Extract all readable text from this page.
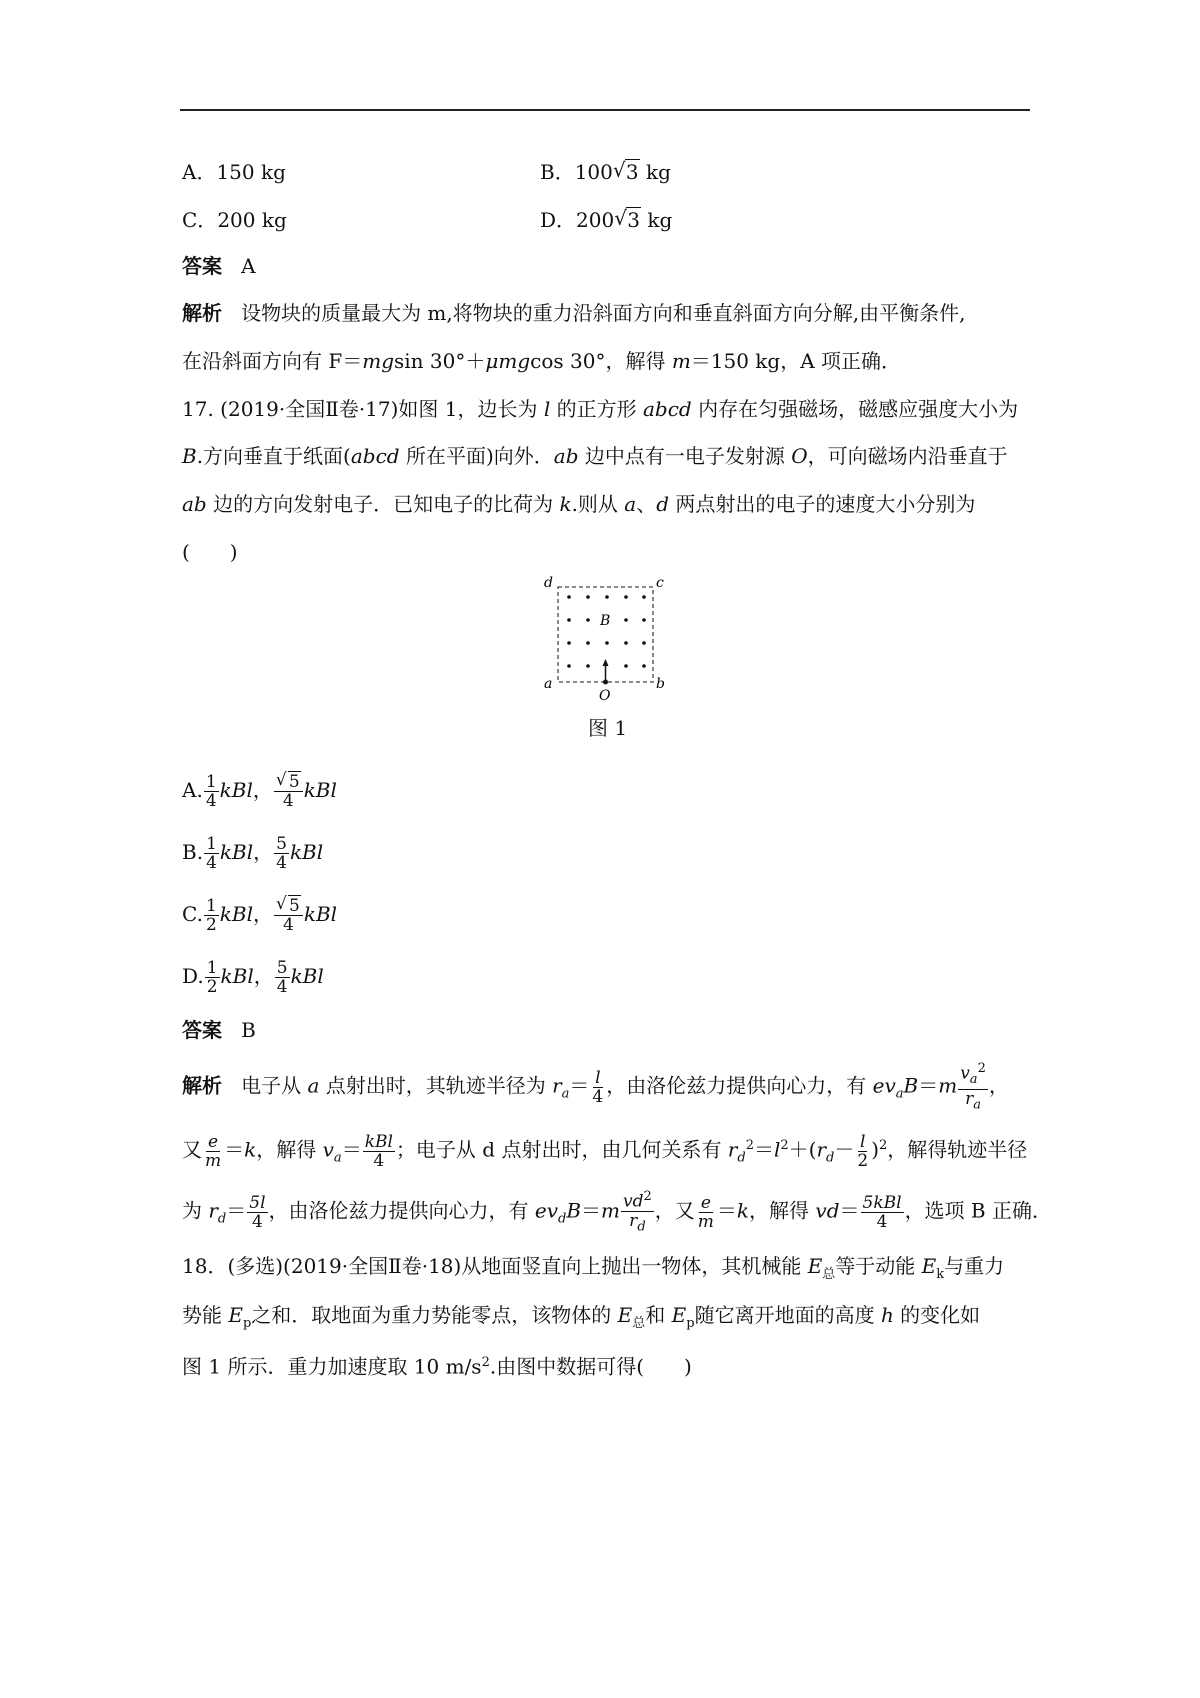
A．150 kg	B．100 √ 3 kg
C．200 kg	D．200 √ 3 kg
答案 A
解析 设物块的质量最大为 m,将物块的重力沿斜面方向和垂直斜面方向分解,由平衡条件,
在沿斜面方向有 F＝mgsin 30°＋μmgcos 30°，解得 m＝150 kg，A 项正确．
17. (2019·全国Ⅱ卷·17)如图 1，边长为 l 的正方形 abcd 内存在匀强磁场，磁感应强度大小为
B.方向垂直于纸面(abcd 所在平面)向外．ab 边中点有一电子发射源 O，可向磁场内沿垂直于
ab 边的方向发射电子．已知电子的比荷为 k.则从 a、d 两点射出的电子的速度大小分别为
(　　)
d	c
a	b
B
O
图 1
A. $\frac{1}{4}$ kBl， √ $\frac{5}{4}$ kBl
B. $\frac{1}{4}$ kBl， $\frac{5}{4}$ kBl
C. $\frac{1}{2}$ kBl， √ $\frac{5}{4}$ kBl
D. $\frac{1}{2}$ kBl， $\frac{5}{4}$ kBl
答案 B
解析 电子从 a 点射出时，其轨迹半径为 $r_a= \frac{l}{4}$ ，由洛伦兹力提供向心力，有 $ev_aB=m \frac{v_a^2}{r_a}$ ，
又 $\frac{e}{m} =k$，解得 $v_a= \frac{\text{kBl}}{4}$ ；电子从 d 点射出时，由几何关系有 $r_d^2=l^2+(r_d- \frac{l}{2} )^2$，解得轨迹半径
为 $r_d= \frac{5l}{4}$ ，由洛伦兹力提供向心力，有 $ev_dB=m \frac{vd^2}{r_d}$ ，又 $\frac{e}{m} =k$，解得 $vd= \frac{\text{5kBl}}{4}$ ，选项 B 正确．
18．(多选)(2019·全国Ⅱ卷·18)从地面竖直向上抛出一物体，其机械能 $E_总$等于动能 $E_k$与重力
势能 $E_p$之和．取地面为重力势能零点，该物体的 $E_总$和 $E_p$随它离开地面的高度 h 的变化如
图 1 所示．重力加速度取 10 $m/s^2$.由图中数据可得(　　)
